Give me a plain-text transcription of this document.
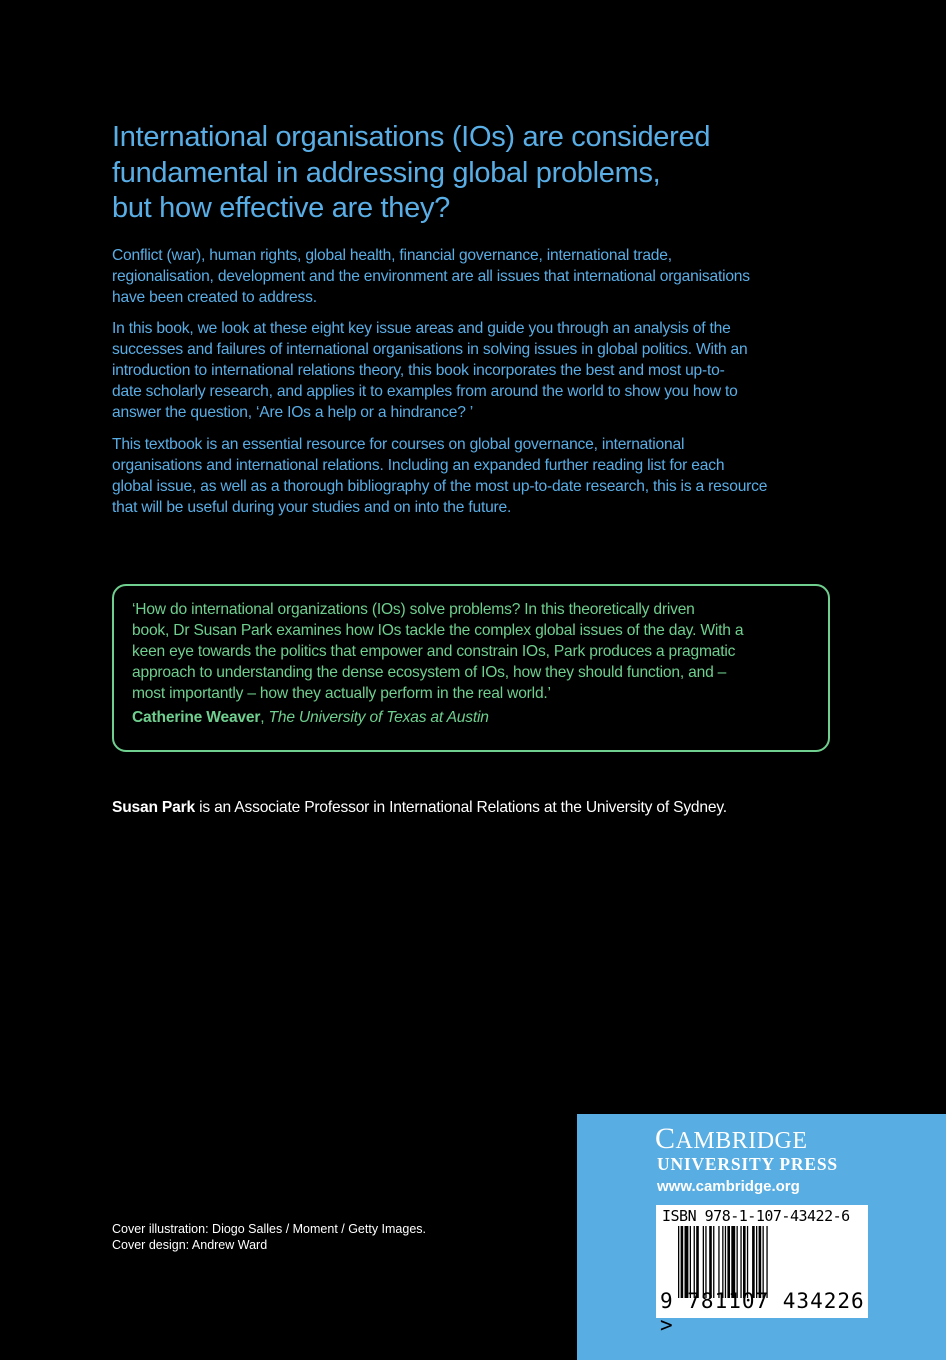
International organisations (IOs) are considered
fundamental in addressing global problems,
but how effective are they?
Conflict (war), human rights, global health, financial governance, international trade,
regionalisation, development and the environment are all issues that international organisations
have been created to address.
In this book, we look at these eight key issue areas and guide you through an analysis of the
successes and failures of international organisations in solving issues in global politics. With an
introduction to international relations theory, this book incorporates the best and most up-to-
date scholarly research, and applies it to examples from around the world to show you how to
answer the question, ‘Are IOs a help or a hindrance? ’
This textbook is an essential resource for courses on global governance, international
organisations and international relations. Including an expanded further reading list for each
global issue, as well as a thorough bibliography of the most up-to-date research, this is a resource
that will be useful during your studies and on into the future.
‘How do international organizations (IOs) solve problems? In this theoretically driven
book, Dr Susan Park examines how IOs tackle the complex global issues of the day. With a
keen eye towards the politics that empower and constrain IOs, Park produces a pragmatic
approach to understanding the dense ecosystem of IOs, how they should function, and –
most importantly – how they actually perform in the real world.’
Catherine Weaver, The University of Texas at Austin
Susan Park is an Associate Professor in International Relations at the University of Sydney.
Cover illustration: Diogo Salles / Moment / Getty Images.
Cover design: Andrew Ward
CAMBRIDGE
UNIVERSITY PRESS
www.cambridge.org
ISBN 978-1-107-43422-6
9 781107 434226 >
